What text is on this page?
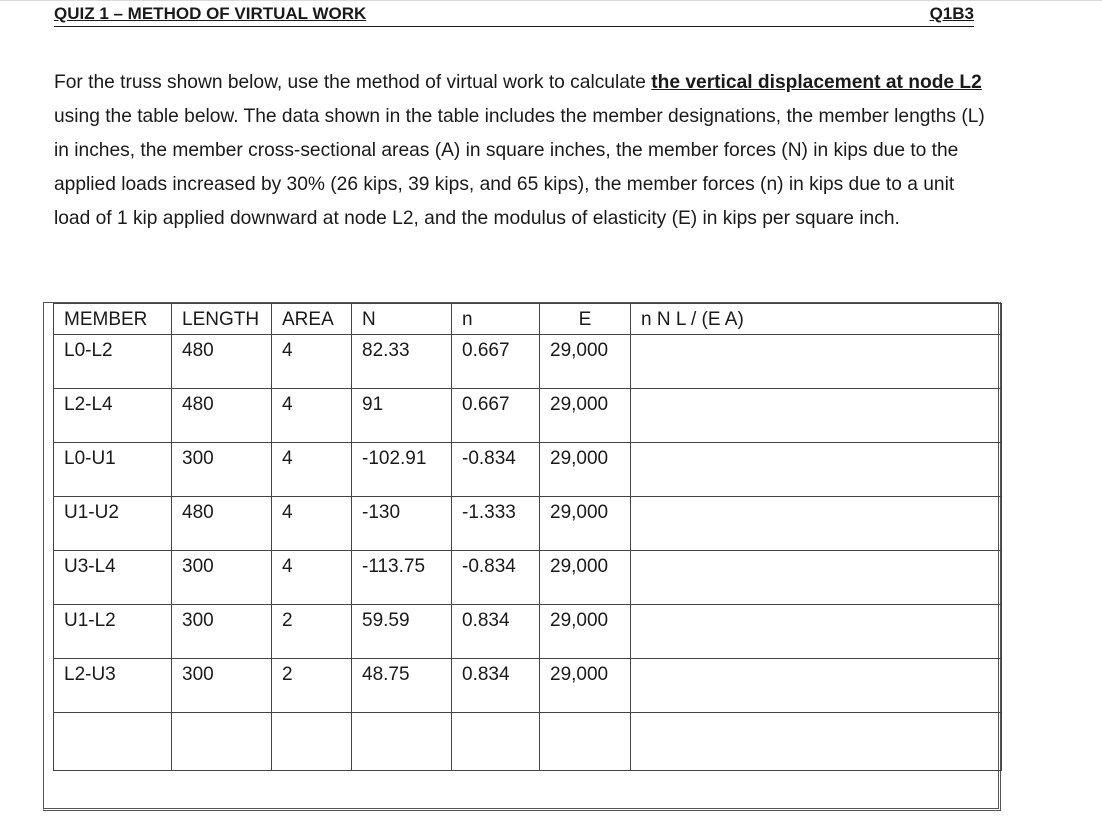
QUIZ 1 – METHOD OF VIRTUAL WORK	Q1B3
For the truss shown below, use the method of virtual work to calculate the vertical displacement at node L2 using the table below. The data shown in the table includes the member designations, the member lengths (L) in inches, the member cross-sectional areas (A) in square inches, the member forces (N) in kips due to the applied loads increased by 30% (26 kips, 39 kips, and 65 kips), the member forces (n) in kips due to a unit load of 1 kip applied downward at node L2, and the modulus of elasticity (E) in kips per square inch.
MEMBER	LENGTH	AREA	N	n	E	n N L / (E A)
L0-L2	480	4	82.33	0.667	29,000	
L2-L4	480	4	91	0.667	29,000	
L0-U1	300	4	-102.91	-0.834	29,000	
U1-U2	480	4	-130	-1.333	29,000	
U3-L4	300	4	-113.75	-0.834	29,000	
U1-L2	300	2	59.59	0.834	29,000	
L2-U3	300	2	48.75	0.834	29,000	
